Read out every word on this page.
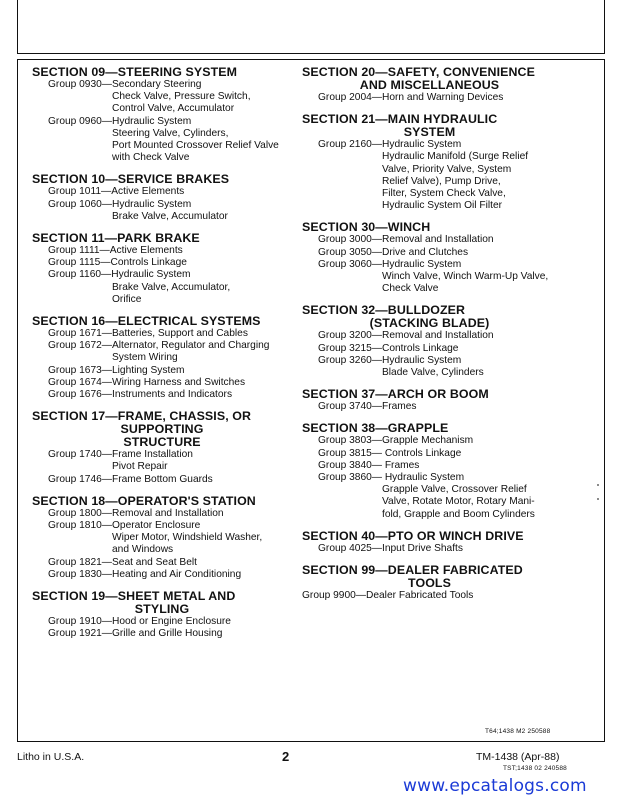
SECTION 09—STEERING SYSTEM
Group 0930—Secondary Steering
Check Valve, Pressure Switch,
Control Valve, Accumulator
Group 0960—Hydraulic System
Steering Valve, Cylinders,
Port Mounted Crossover Relief Valve
with Check Valve
SECTION 10—SERVICE BRAKES
Group 1011—Active Elements
Group 1060—Hydraulic System
Brake Valve, Accumulator
SECTION 11—PARK BRAKE
Group 1111—Active Elements
Group 1115—Controls Linkage
Group 1160—Hydraulic System
Brake Valve, Accumulator,
Orifice
SECTION 16—ELECTRICAL SYSTEMS
Group 1671—Batteries, Support and Cables
Group 1672—Alternator, Regulator and Charging
System Wiring
Group 1673—Lighting System
Group 1674—Wiring Harness and Switches
Group 1676—Instruments and Indicators
SECTION 17—FRAME, CHASSIS, OR
SUPPORTING
STRUCTURE
Group 1740—Frame Installation
Pivot Repair
Group 1746—Frame Bottom Guards
SECTION 18—OPERATOR'S STATION
Group 1800—Removal and Installation
Group 1810—Operator Enclosure
Wiper Motor, Windshield Washer,
and Windows
Group 1821—Seat and Seat Belt
Group 1830—Heating and Air Conditioning
SECTION 19—SHEET METAL AND
STYLING
Group 1910—Hood or Engine Enclosure
Group 1921—Grille and Grille Housing
SECTION 20—SAFETY, CONVENIENCE
AND MISCELLANEOUS
Group 2004—Horn and Warning Devices
SECTION 21—MAIN HYDRAULIC
SYSTEM
Group 2160—Hydraulic System
Hydraulic Manifold (Surge Relief
Valve, Priority Valve, System
Relief Valve), Pump Drive,
Filter, System Check Valve,
Hydraulic System Oil Filter
SECTION 30—WINCH
Group 3000—Removal and Installation
Group 3050—Drive and Clutches
Group 3060—Hydraulic System
Winch Valve, Winch Warm-Up Valve,
Check Valve
SECTION 32—BULLDOZER
(STACKING BLADE)
Group 3200—Removal and Installation
Group 3215—Controls Linkage
Group 3260—Hydraulic System
Blade Valve, Cylinders
SECTION 37—ARCH OR BOOM
Group 3740—Frames
SECTION 38—GRAPPLE
Group 3803—Grapple Mechanism
Group 3815— Controls Linkage
Group 3840— Frames
Group 3860— Hydraulic System
Grapple Valve, Crossover Relief
Valve, Rotate Motor, Rotary Mani-
fold, Grapple and Boom Cylinders
SECTION 40—PTO OR WINCH DRIVE
Group 4025—Input Drive Shafts
SECTION 99—DEALER FABRICATED
TOOLS
Group 9900—Dealer Fabricated Tools
T64;1438 M2 250588
Litho in U.S.A.	2	TM-1438 (Apr-88)
TST;1438 02 240588
www.epcatalogs.com
